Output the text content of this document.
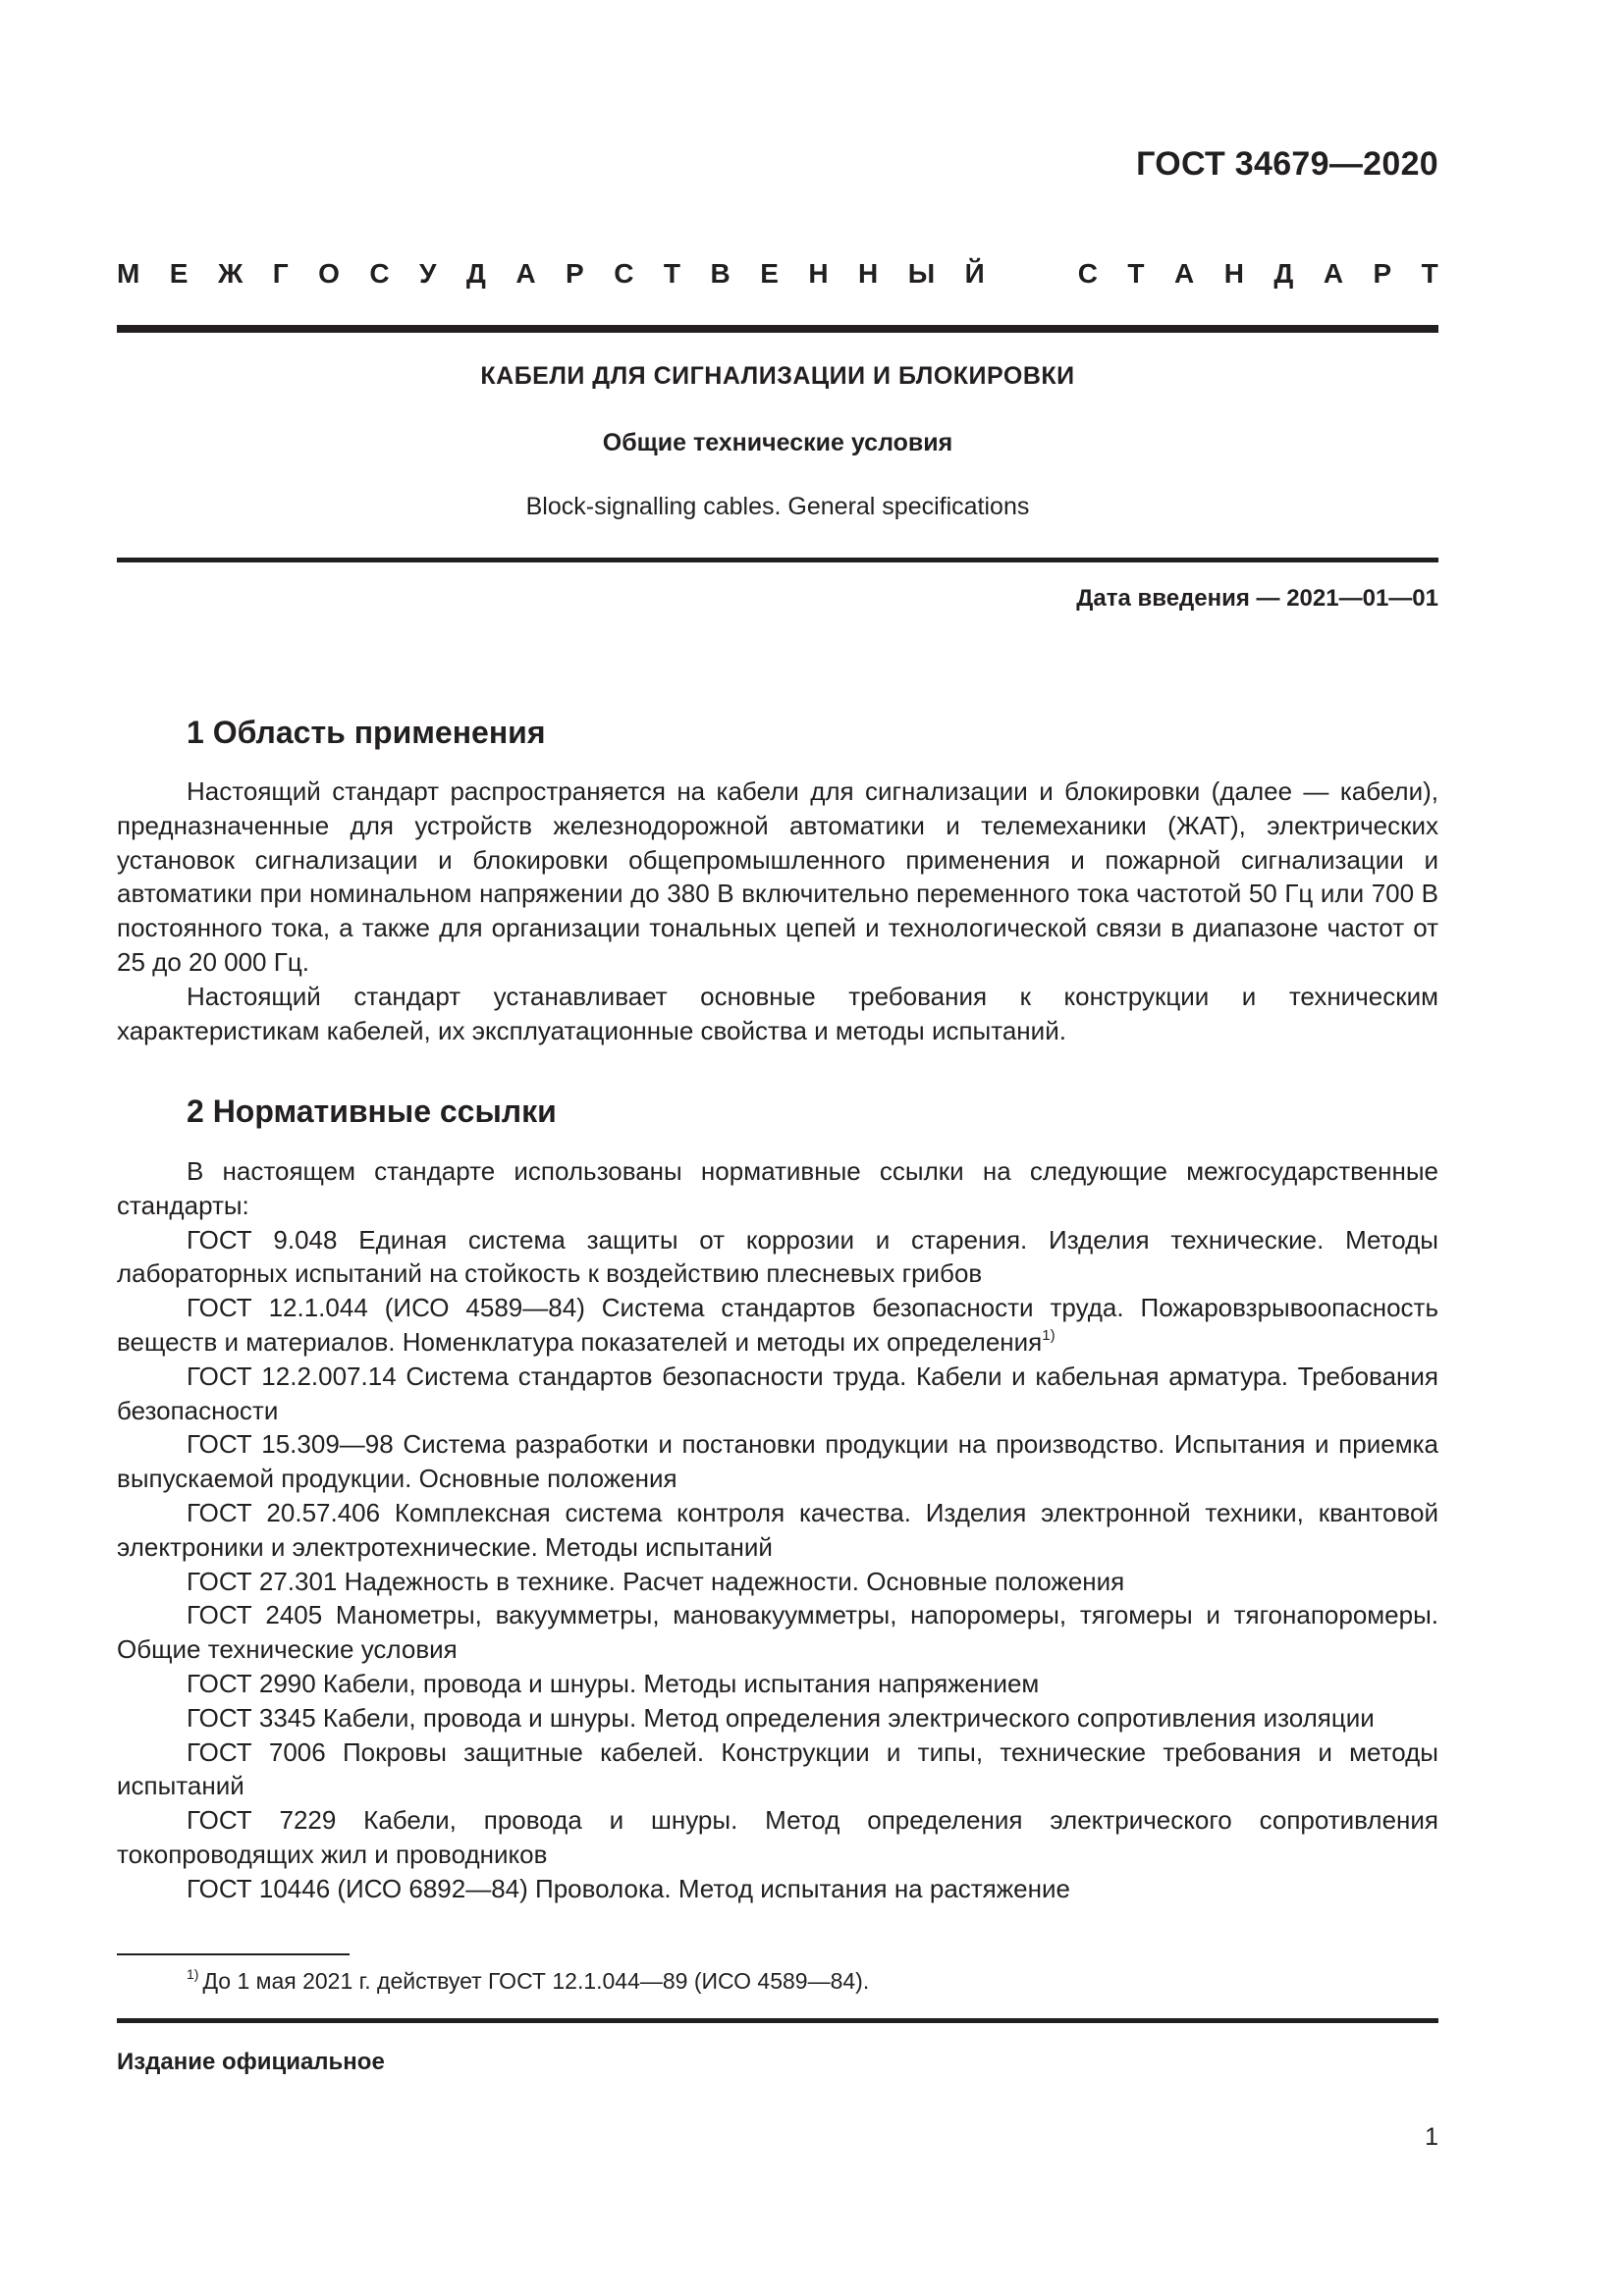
ГОСТ 34679—2020
М Е Ж Г О С У Д А Р С Т В Е Н Н Ы Й	С Т А Н Д А Р Т
КАБЕЛИ ДЛЯ СИГНАЛИЗАЦИИ И БЛОКИРОВКИ
Общие технические условия
Block-signalling cables. General specifications
Дата введения — 2021—01—01
1 Область применения

Настоящий стандарт распространяется на кабели для сигнализации и блокировки (далее — кабели), предназначенные для устройств железнодорожной автоматики и телемеханики (ЖАТ), электрических установок сигнализации и блокировки общепромышленного применения и пожарной сигнализации и автоматики при номинальном напряжении до 380 В включительно переменного тока частотой 50 Гц или 700 В постоянного тока, а также для организации тональных цепей и технологической связи в диапазоне частот от 25 до 20 000 Гц.

Настоящий стандарт устанавливает основные требования к конструкции и техническим характеристикам кабелей, их эксплуатационные свойства и методы испытаний.

2 Нормативные ссылки

В настоящем стандарте использованы нормативные ссылки на следующие межгосударственные стандарты:

ГОСТ 9.048 Единая система защиты от коррозии и старения. Изделия технические. Методы лабораторных испытаний на стойкость к воздействию плесневых грибов

ГОСТ 12.1.044 (ИСО 4589—84) Система стандартов безопасности труда. Пожаровзрывоопасность веществ и материалов. Номенклатура показателей и методы их определения$^{1)}$

ГОСТ 12.2.007.14 Система стандартов безопасности труда. Кабели и кабельная арматура. Требования безопасности

ГОСТ 15.309—98 Система разработки и постановки продукции на производство. Испытания и приемка выпускаемой продукции. Основные положения

ГОСТ 20.57.406 Комплексная система контроля качества. Изделия электронной техники, квантовой электроники и электротехнические. Методы испытаний

ГОСТ 27.301 Надежность в технике. Расчет надежности. Основные положения

ГОСТ 2405 Манометры, вакуумметры, мановакуумметры, напоромеры, тягомеры и тягонапоромеры. Общие технические условия

ГОСТ 2990 Кабели, провода и шнуры. Методы испытания напряжением

ГОСТ 3345 Кабели, провода и шнуры. Метод определения электрического сопротивления изоляции

ГОСТ 7006 Покровы защитные кабелей. Конструкции и типы, технические требования и методы испытаний

ГОСТ 7229 Кабели, провода и шнуры. Метод определения электрического сопротивления токопроводящих жил и проводников

ГОСТ 10446 (ИСО 6892—84) Проволока. Метод испытания на растяжение

$^{1)}$ До 1 мая 2021 г. действует ГОСТ 12.1.044—89 (ИСО 4589—84).
Издание официальное
1
